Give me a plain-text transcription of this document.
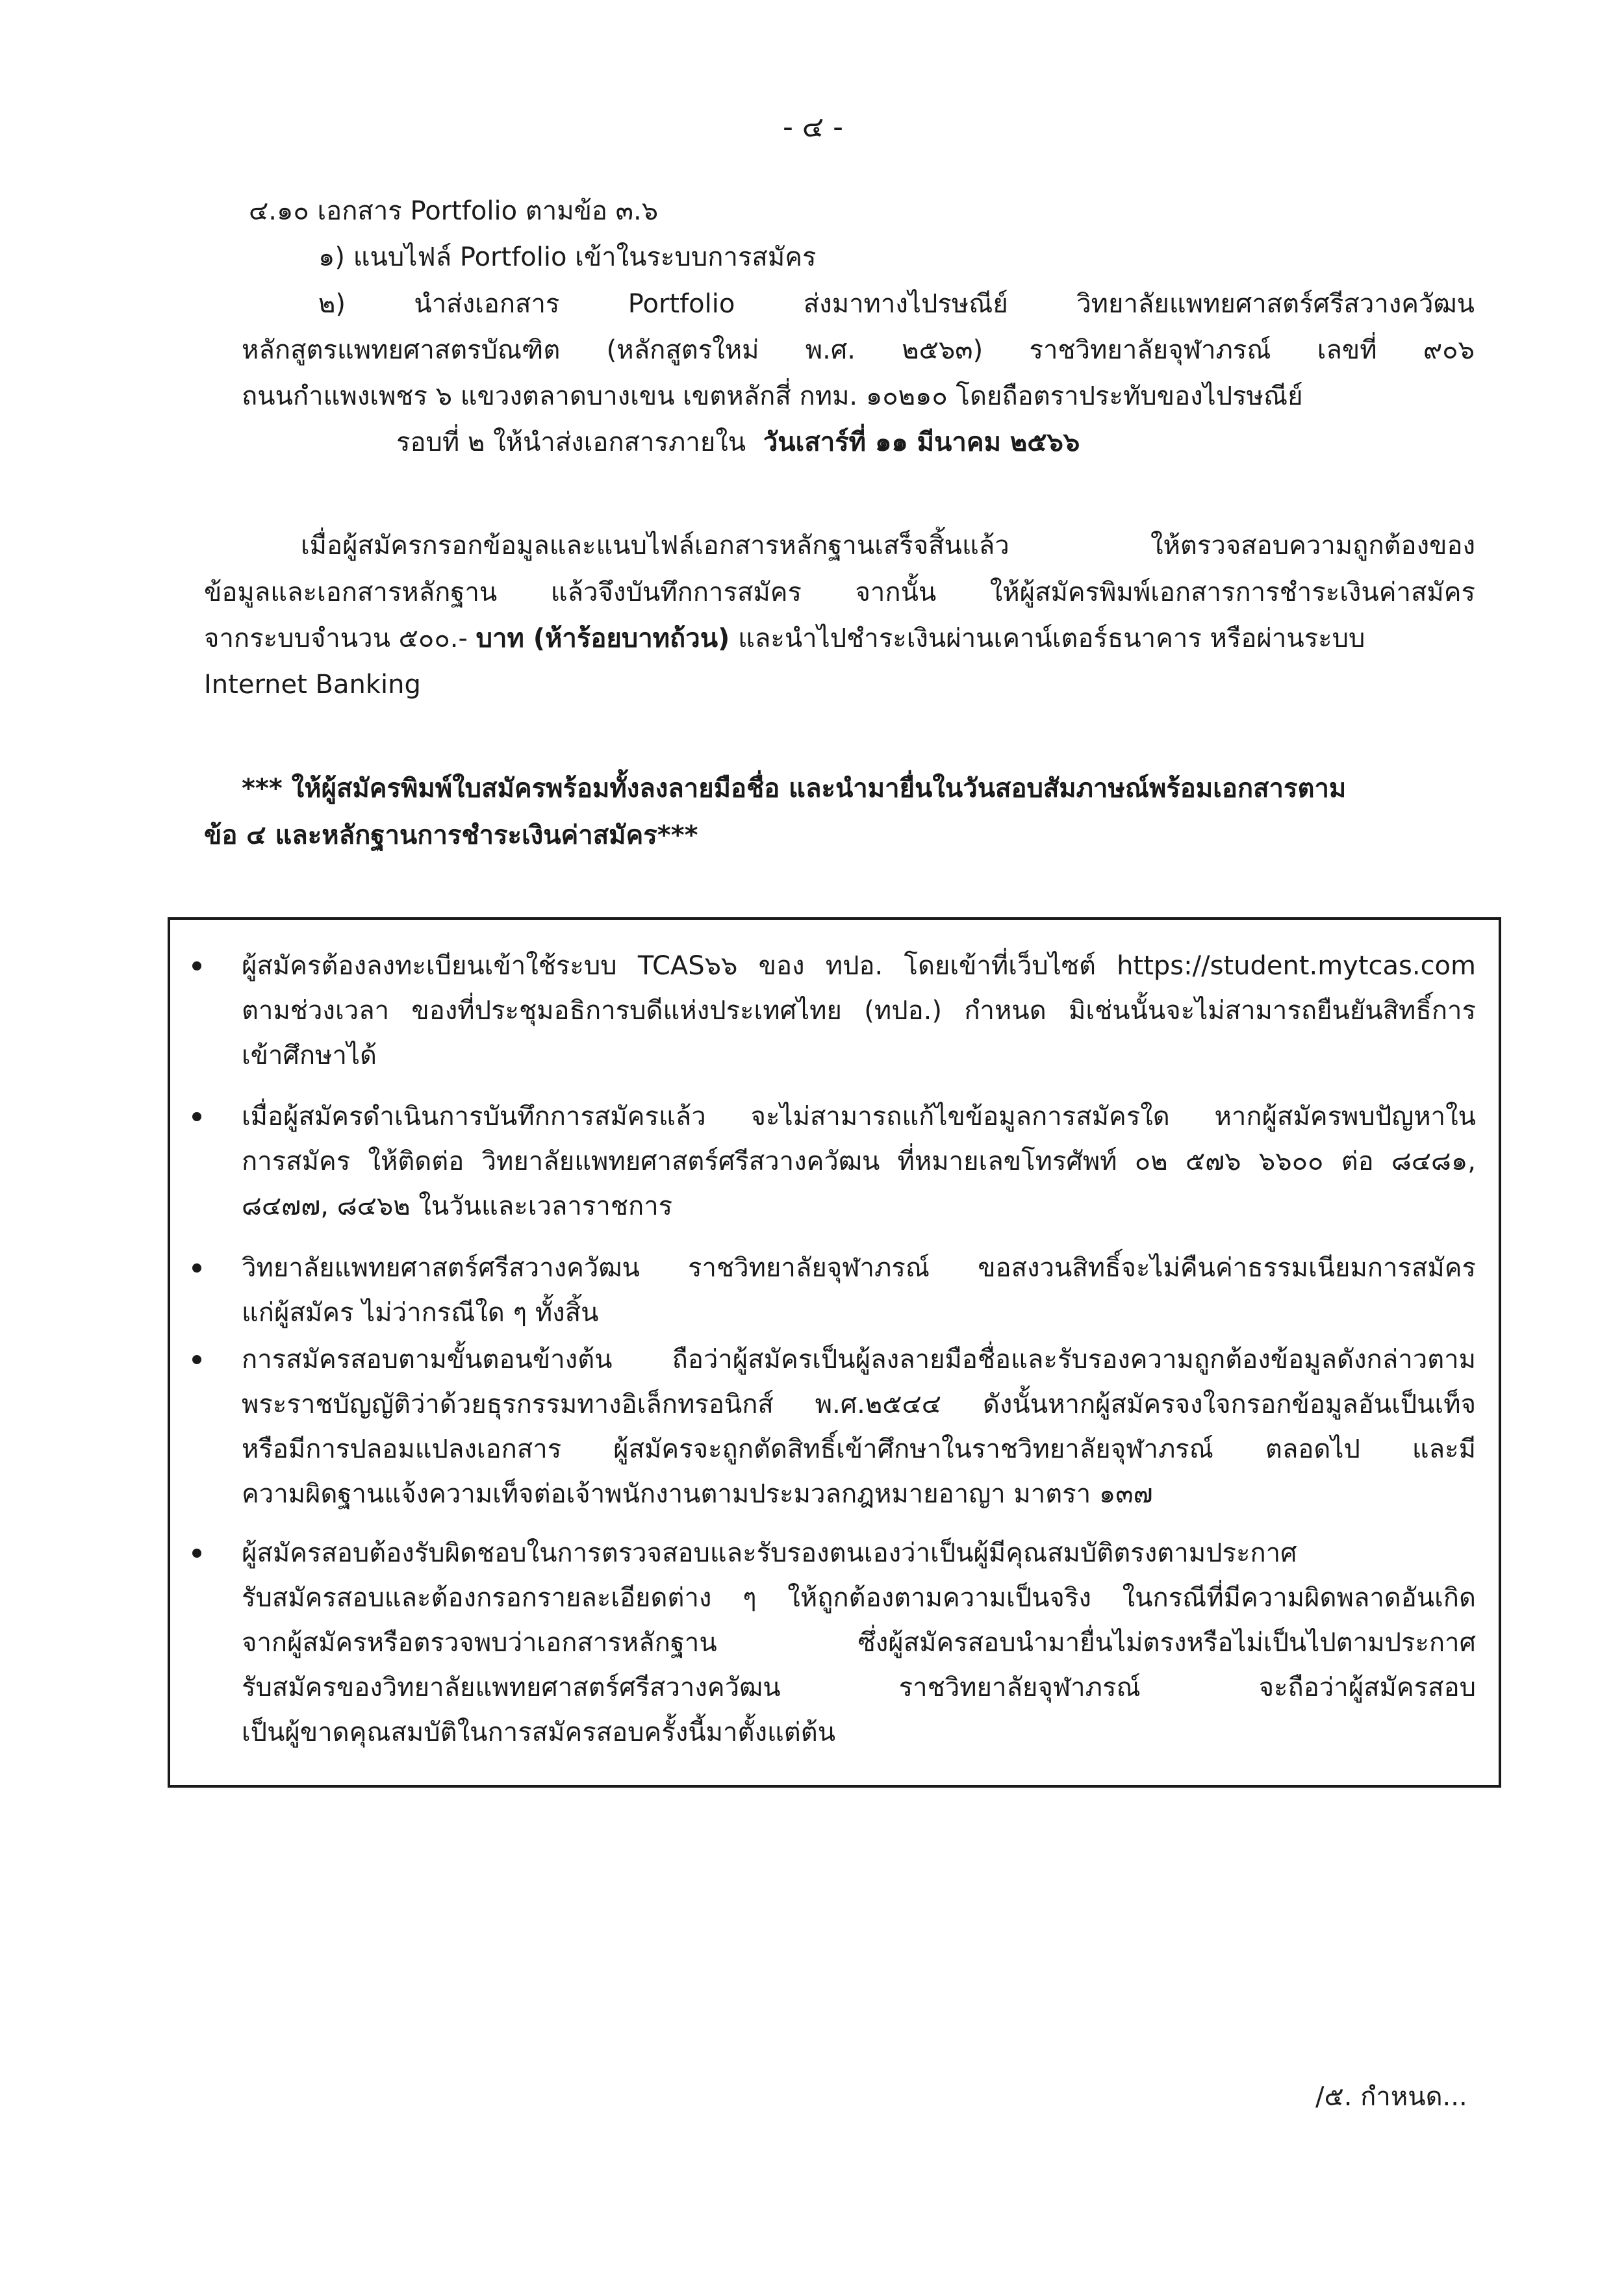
- ๔ -
๔.๑๐ เอกสาร Portfolio ตามข้อ ๓.๖
๑) แนบไฟล์ Portfolio เข้าในระบบการสมัคร
๒) นำส่งเอกสาร Portfolio ส่งมาทางไปรษณีย์ วิทยาลัยแพทยศาสตร์ศรีสวางควัฒน
หลักสูตรแพทยศาสตรบัณฑิต (หลักสูตรใหม่ พ.ศ. ๒๕๖๓) ราชวิทยาลัยจุฬาภรณ์ เลขที่ ๙๐๖
ถนนกำแพงเพชร ๖ แขวงตลาดบางเขน เขตหลักสี่ กทม. ๑๐๒๑๐ โดยถือตราประทับของไปรษณีย์
รอบที่ ๒ ให้นำส่งเอกสารภายใน วันเสาร์ที่ ๑๑ มีนาคม ๒๕๖๖
เมื่อผู้สมัครกรอกข้อมูลและแนบไฟล์เอกสารหลักฐานเสร็จสิ้นแล้ว ให้ตรวจสอบความถูกต้องของ
ข้อมูลและเอกสารหลักฐาน แล้วจึงบันทึกการสมัคร จากนั้น ให้ผู้สมัครพิมพ์เอกสารการชำระเงินค่าสมัคร
จากระบบจำนวน ๕๐๐.- บาท (ห้าร้อยบาทถ้วน) และนำไปชำระเงินผ่านเคาน์เตอร์ธนาคาร หรือผ่านระบบ
Internet Banking
*** ให้ผู้สมัครพิมพ์ใบสมัครพร้อมทั้งลงลายมือชื่อ และนำมายื่นในวันสอบสัมภาษณ์พร้อมเอกสารตาม
ข้อ ๔ และหลักฐานการชำระเงินค่าสมัคร***
ผู้สมัครต้องลงทะเบียนเข้าใช้ระบบ TCAS๖๖ ของ ทปอ. โดยเข้าที่เว็บไซต์ https://student.mytcas.com
ตามช่วงเวลา ของที่ประชุมอธิการบดีแห่งประเทศไทย (ทปอ.) กำหนด มิเช่นนั้นจะไม่สามารถยืนยันสิทธิ์การ
เข้าศึกษาได้
เมื่อผู้สมัครดำเนินการบันทึกการสมัครแล้ว จะไม่สามารถแก้ไขข้อมูลการสมัครใด หากผู้สมัครพบปัญหาใน
การสมัคร ให้ติดต่อ วิทยาลัยแพทยศาสตร์ศรีสวางควัฒน ที่หมายเลขโทรศัพท์ ๐๒ ๕๗๖ ๖๖๐๐ ต่อ ๘๔๘๑,
๘๔๗๗, ๘๔๖๒ ในวันและเวลาราชการ
วิทยาลัยแพทยศาสตร์ศรีสวางควัฒน ราชวิทยาลัยจุฬาภรณ์ ขอสงวนสิทธิ์จะไม่คืนค่าธรรมเนียมการสมัคร
แก่ผู้สมัคร ไม่ว่ากรณีใด ๆ ทั้งสิ้น
การสมัครสอบตามขั้นตอนข้างต้น ถือว่าผู้สมัครเป็นผู้ลงลายมือชื่อและรับรองความถูกต้องข้อมูลดังกล่าวตาม
พระราชบัญญัติว่าด้วยธุรกรรมทางอิเล็กทรอนิกส์ พ.ศ.๒๕๔๔ ดังนั้นหากผู้สมัครจงใจกรอกข้อมูลอันเป็นเท็จ
หรือมีการปลอมแปลงเอกสาร ผู้สมัครจะถูกตัดสิทธิ์เข้าศึกษาในราชวิทยาลัยจุฬาภรณ์ ตลอดไป และมี
ความผิดฐานแจ้งความเท็จต่อเจ้าพนักงานตามประมวลกฎหมายอาญา มาตรา ๑๓๗
ผู้สมัครสอบต้องรับผิดชอบในการตรวจสอบและรับรองตนเองว่าเป็นผู้มีคุณสมบัติตรงตามประกาศ
รับสมัครสอบและต้องกรอกรายละเอียดต่าง ๆ ให้ถูกต้องตามความเป็นจริง ในกรณีที่มีความผิดพลาดอันเกิด
จากผู้สมัครหรือตรวจพบว่าเอกสารหลักฐาน ซึ่งผู้สมัครสอบนำมายื่นไม่ตรงหรือไม่เป็นไปตามประกาศ
รับสมัครของวิทยาลัยแพทยศาสตร์ศรีสวางควัฒน ราชวิทยาลัยจุฬาภรณ์ จะถือว่าผู้สมัครสอบ
เป็นผู้ขาดคุณสมบัติในการสมัครสอบครั้งนี้มาตั้งแต่ต้น
/๕. กำหนด...
